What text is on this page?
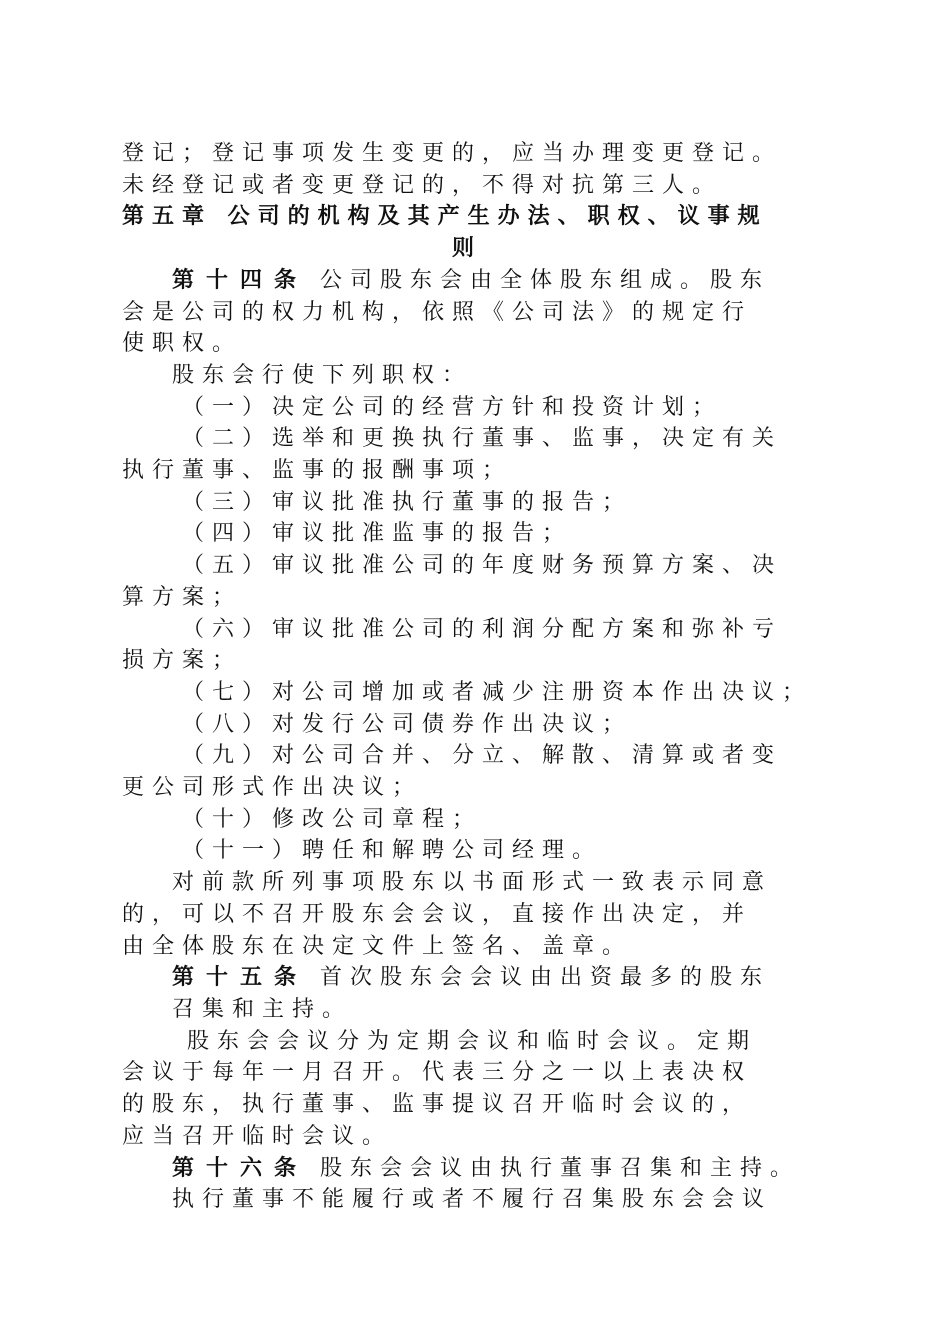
登记；登记事项发生变更的，应当办理变更登记。
未经登记或者变更登记的，不得对抗第三人。
第五章 公司的机构及其产生办法、职权、议事规
则
第十四条 公司股东会由全体股东组成。股东
会是公司的权力机构，依照《公司法》的规定行
使职权。
股东会行使下列职权：
（一）决定公司的经营方针和投资计划；
（二）选举和更换执行董事、监事，决定有关
执行董事、监事的报酬事项；
（三）审议批准执行董事的报告；
（四）审议批准监事的报告；
（五）审议批准公司的年度财务预算方案、决
算方案；
（六）审议批准公司的利润分配方案和弥补亏
损方案；
（七）对公司增加或者减少注册资本作出决议；
（八）对发行公司债券作出决议；
（九）对公司合并、分立、解散、清算或者变
更公司形式作出决议；
（十）修改公司章程；
（十一）聘任和解聘公司经理。
对前款所列事项股东以书面形式一致表示同意
的，可以不召开股东会会议，直接作出决定，并
由全体股东在决定文件上签名、盖章。
第十五条 首次股东会会议由出资最多的股东
召集和主持。
股东会会议分为定期会议和临时会议。定期
会议于每年一月召开。代表三分之一以上表决权
的股东，执行董事、监事提议召开临时会议的，
应当召开临时会议。
第十六条 股东会会议由执行董事召集和主持。
执行董事不能履行或者不履行召集股东会会议
